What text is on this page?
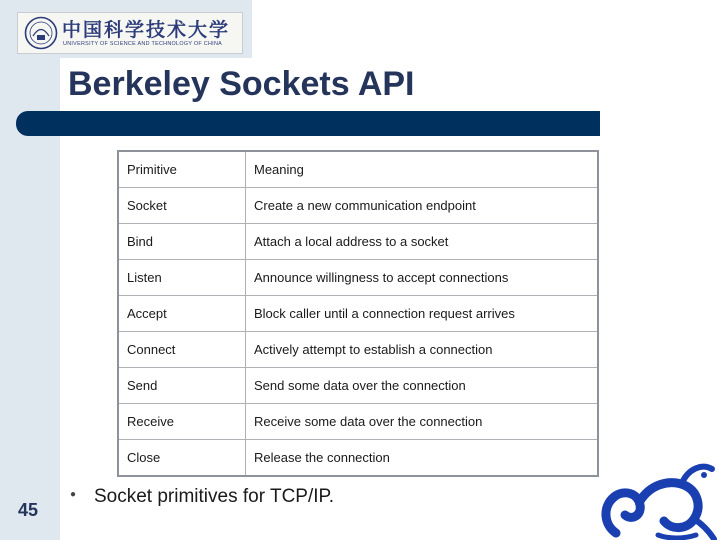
中国科学技术大学
UNIVERSITY OF SCIENCE AND TECHNOLOGY OF CHINA
Berkeley Sockets API
Primitive	Meaning
Socket	Create a new communication endpoint
Bind	Attach a local address to a socket
Listen	Announce willingness to accept connections
Accept	Block caller until a connection request arrives
Connect	Actively attempt to establish a connection
Send	Send some data over the connection
Receive	Receive some data over the connection
Close	Release the connection
45
● Socket primitives for TCP/IP.
